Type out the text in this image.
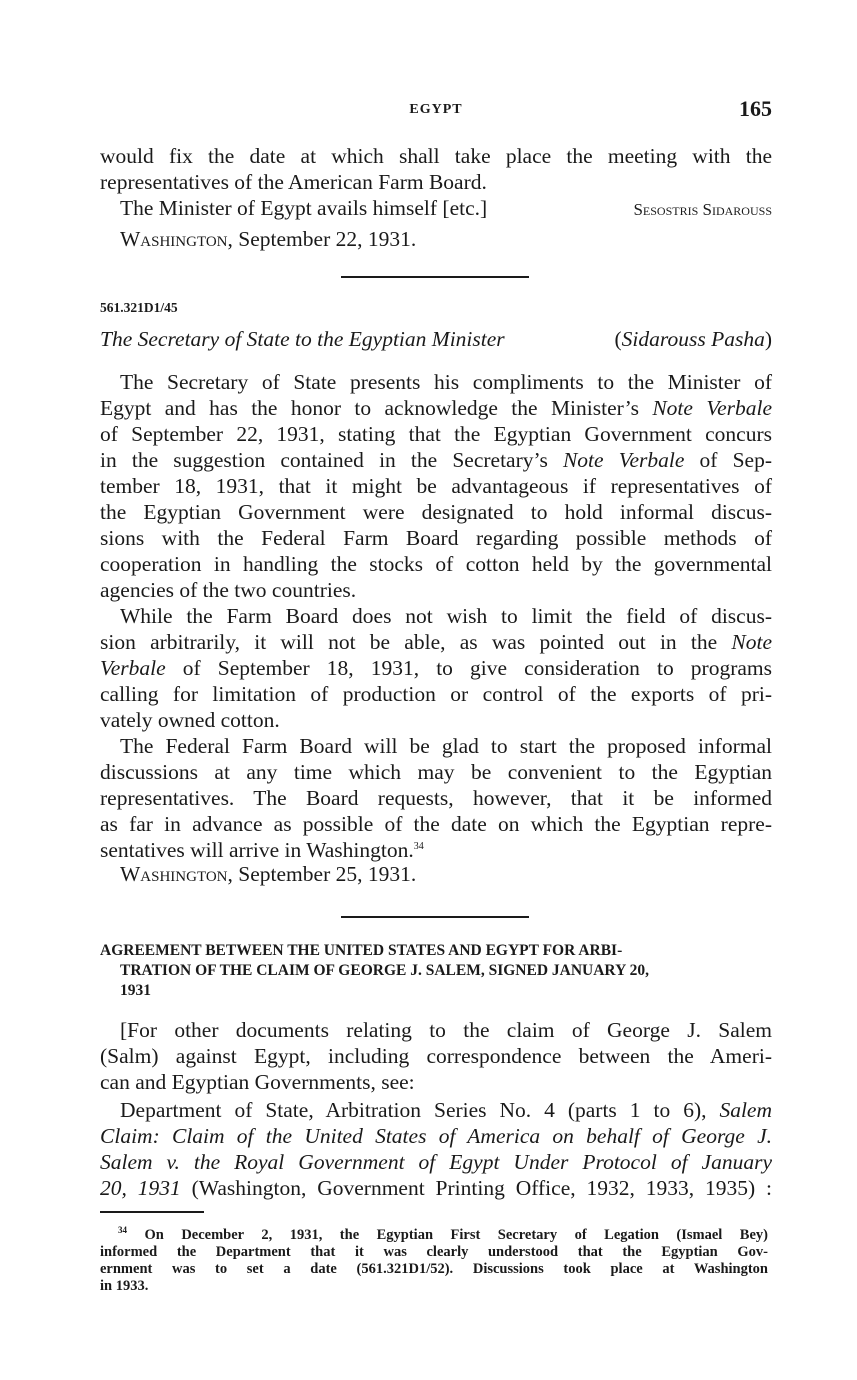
EGYPT	165
would fix the date at which shall take place the meeting with the
representatives of the American Farm Board.
The Minister of Egypt avails himself [etc.]	Sesostris Sidarouss
Washington, September 22, 1931.
561.321D1/45
The Secretary of State to the Egyptian Minister	(Sidarouss Pasha)
The Secretary of State presents his compliments to the Minister of
Egypt and has the honor to acknowledge the Minister’s Note Verbale
of September 22, 1931, stating that the Egyptian Government concurs
in the suggestion contained in the Secretary’s Note Verbale of Sep-
tember 18, 1931, that it might be advantageous if representatives of
the Egyptian Government were designated to hold informal discus-
sions with the Federal Farm Board regarding possible methods of
cooperation in handling the stocks of cotton held by the governmental
agencies of the two countries.
While the Farm Board does not wish to limit the field of discus-
sion arbitrarily, it will not be able, as was pointed out in the Note
Verbale of September 18, 1931, to give consideration to programs
calling for limitation of production or control of the exports of pri-
vately owned cotton.
The Federal Farm Board will be glad to start the proposed informal
discussions at any time which may be convenient to the Egyptian
representatives. The Board requests, however, that it be informed
as far in advance as possible of the date on which the Egyptian repre-
sentatives will arrive in Washington.$^{34}$
Washington, September 25, 1931.
AGREEMENT BETWEEN THE UNITED STATES AND EGYPT FOR ARBI-
TRATION OF THE CLAIM OF GEORGE J. SALEM, SIGNED JANUARY 20,
1931
[For other documents relating to the claim of George J. Salem
(Salm) against Egypt, including correspondence between the Ameri-
can and Egyptian Governments, see:
Department of State, Arbitration Series No. 4 (parts 1 to 6), Salem
Claim: Claim of the United States of America on behalf of George J.
Salem v. the Royal Government of Egypt Under Protocol of January
20, 1931 (Washington, Government Printing Office, 1932, 1933, 1935) :
$^{34}$ On December 2, 1931, the Egyptian First Secretary of Legation (Ismael Bey)
informed the Department that it was clearly understood that the Egyptian Gov-
ernment was to set a date (561.321D1/52). Discussions took place at Washington
in 1933.
